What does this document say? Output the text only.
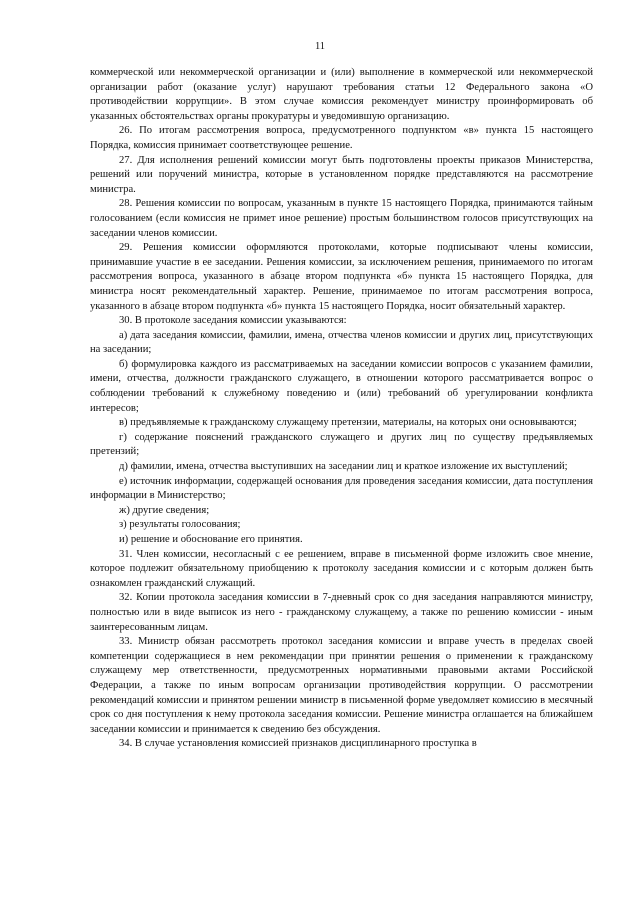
11

коммерческой или некоммерческой организации и (или) выполнение в коммерческой или некоммерческой организации работ (оказание услуг) нарушают требования статьи 12 Федерального закона «О противодействии коррупции». В этом случае комиссия рекомендует министру проинформировать об указанных обстоятельствах органы прокуратуры и уведомившую организацию.

26. По итогам рассмотрения вопроса, предусмотренного подпунктом «в» пункта 15 настоящего Порядка, комиссия принимает соответствующее решение.

27. Для исполнения решений комиссии могут быть подготовлены проекты приказов Министерства, решений или поручений министра, которые в установленном порядке представляются на рассмотрение министра.

28. Решения комиссии по вопросам, указанным в пункте 15 настоящего Порядка, принимаются тайным голосованием (если комиссия не примет иное решение) простым большинством голосов присутствующих на заседании членов комиссии.

29. Решения комиссии оформляются протоколами, которые подписывают члены комиссии, принимавшие участие в ее заседании. Решения комиссии, за исключением решения, принимаемого по итогам рассмотрения вопроса, указанного в абзаце втором подпункта «б» пункта 15 настоящего Порядка, для министра носят рекомендательный характер. Решение, принимаемое по итогам рассмотрения вопроса, указанного в абзаце втором подпункта «б» пункта 15 настоящего Порядка, носит обязательный характер.

30. В протоколе заседания комиссии указываются:

а) дата заседания комиссии, фамилии, имена, отчества членов комиссии и других лиц, присутствующих на заседании;

б) формулировка каждого из рассматриваемых на заседании комиссии вопросов с указанием фамилии, имени, отчества, должности гражданского служащего, в отношении которого рассматривается вопрос о соблюдении требований к служебному поведению и (или) требований об урегулировании конфликта интересов;

в) предъявляемые к гражданскому служащему претензии, материалы, на которых они основываются;

г) содержание пояснений гражданского служащего и других лиц по существу предъявляемых претензий;

д) фамилии, имена, отчества выступивших на заседании лиц и краткое изложение их выступлений;

е) источник информации, содержащей основания для проведения заседания комиссии, дата поступления информации в Министерство;

ж) другие сведения;

з) результаты голосования;

и) решение и обоснование его принятия.

31. Член комиссии, несогласный с ее решением, вправе в письменной форме изложить свое мнение, которое подлежит обязательному приобщению к протоколу заседания комиссии и с которым должен быть ознакомлен гражданский служащий.

32. Копии протокола заседания комиссии в 7-дневный срок со дня заседания направляются министру, полностью или в виде выписок из него - гражданскому служащему, а также по решению комиссии - иным заинтересованным лицам.

33. Министр обязан рассмотреть протокол заседания комиссии и вправе учесть в пределах своей компетенции содержащиеся в нем рекомендации при принятии решения о применении к гражданскому служащему мер ответственности, предусмотренных нормативными правовыми актами Российской Федерации, а также по иным вопросам организации противодействия коррупции. О рассмотрении рекомендаций комиссии и принятом решении министр в письменной форме уведомляет комиссию в месячный срок со дня поступления к нему протокола заседания комиссии. Решение министра оглашается на ближайшем заседании комиссии и принимается к сведению без обсуждения.

34. В случае установления комиссией признаков дисциплинарного проступка в
